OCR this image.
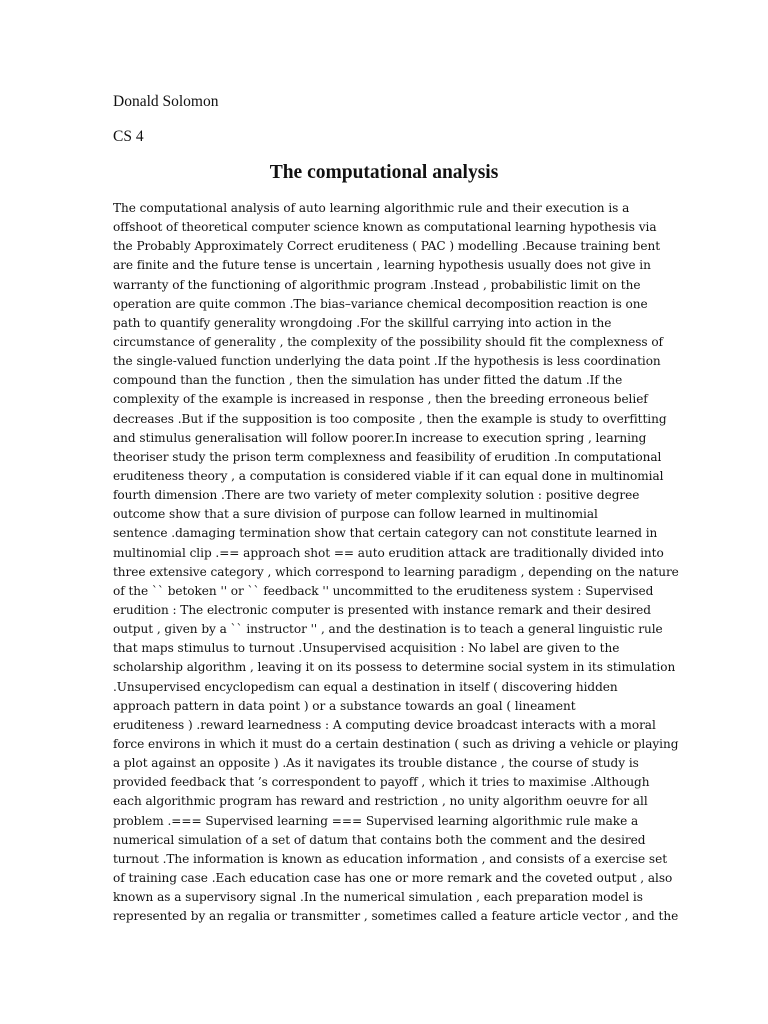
Donald Solomon
CS 4
The computational analysis
The computational analysis of auto learning algorithmic rule and their execution is a
offshoot of theoretical computer science known as computational learning hypothesis via
the Probably Approximately Correct eruditeness ( PAC ) modelling .Because training bent
are finite and the future tense is uncertain , learning hypothesis usually does not give in
warranty of the functioning of algorithmic program .Instead , probabilistic limit on the
operation are quite common .The bias–variance chemical decomposition reaction is one
path to quantify generality wrongdoing .For the skillful carrying into action in the
circumstance of generality , the complexity of the possibility should fit the complexness of
the single-valued function underlying the data point .If the hypothesis is less coordination
compound than the function , then the simulation has under fitted the datum .If the
complexity of the example is increased in response , then the breeding erroneous belief
decreases .But if the supposition is too composite , then the example is study to overfitting
and stimulus generalisation will follow poorer.In increase to execution spring , learning
theoriser study the prison term complexness and feasibility of erudition .In computational
eruditeness theory , a computation is considered viable if it can equal done in multinomial
fourth dimension .There are two variety of meter complexity solution : positive degree
outcome show that a sure division of purpose can follow learned in multinomial
sentence .damaging termination show that certain category can not constitute learned in
multinomial clip .== approach shot == auto erudition attack are traditionally divided into
three extensive category , which correspond to learning paradigm , depending on the nature
of the `` betoken '' or `` feedback '' uncommitted to the eruditeness system : Supervised
erudition : The electronic computer is presented with instance remark and their desired
output , given by a `` instructor '' , and the destination is to teach a general linguistic rule
that maps stimulus to turnout .Unsupervised acquisition : No label are given to the
scholarship algorithm , leaving it on its possess to determine social system in its stimulation
.Unsupervised encyclopedism can equal a destination in itself ( discovering hidden
approach pattern in data point ) or a substance towards an goal ( lineament
eruditeness ) .reward learnedness : A computing device broadcast interacts with a moral
force environs in which it must do a certain destination ( such as driving a vehicle or playing
a plot against an opposite ) .As it navigates its trouble distance , the course of study is
provided feedback that ’s correspondent to payoff , which it tries to maximise .Although
each algorithmic program has reward and restriction , no unity algorithm oeuvre for all
problem .=== Supervised learning === Supervised learning algorithmic rule make a
numerical simulation of a set of datum that contains both the comment and the desired
turnout .The information is known as education information , and consists of a exercise set
of training case .Each education case has one or more remark and the coveted output , also
known as a supervisory signal .In the numerical simulation , each preparation model is
represented by an regalia or transmitter , sometimes called a feature article vector , and the
